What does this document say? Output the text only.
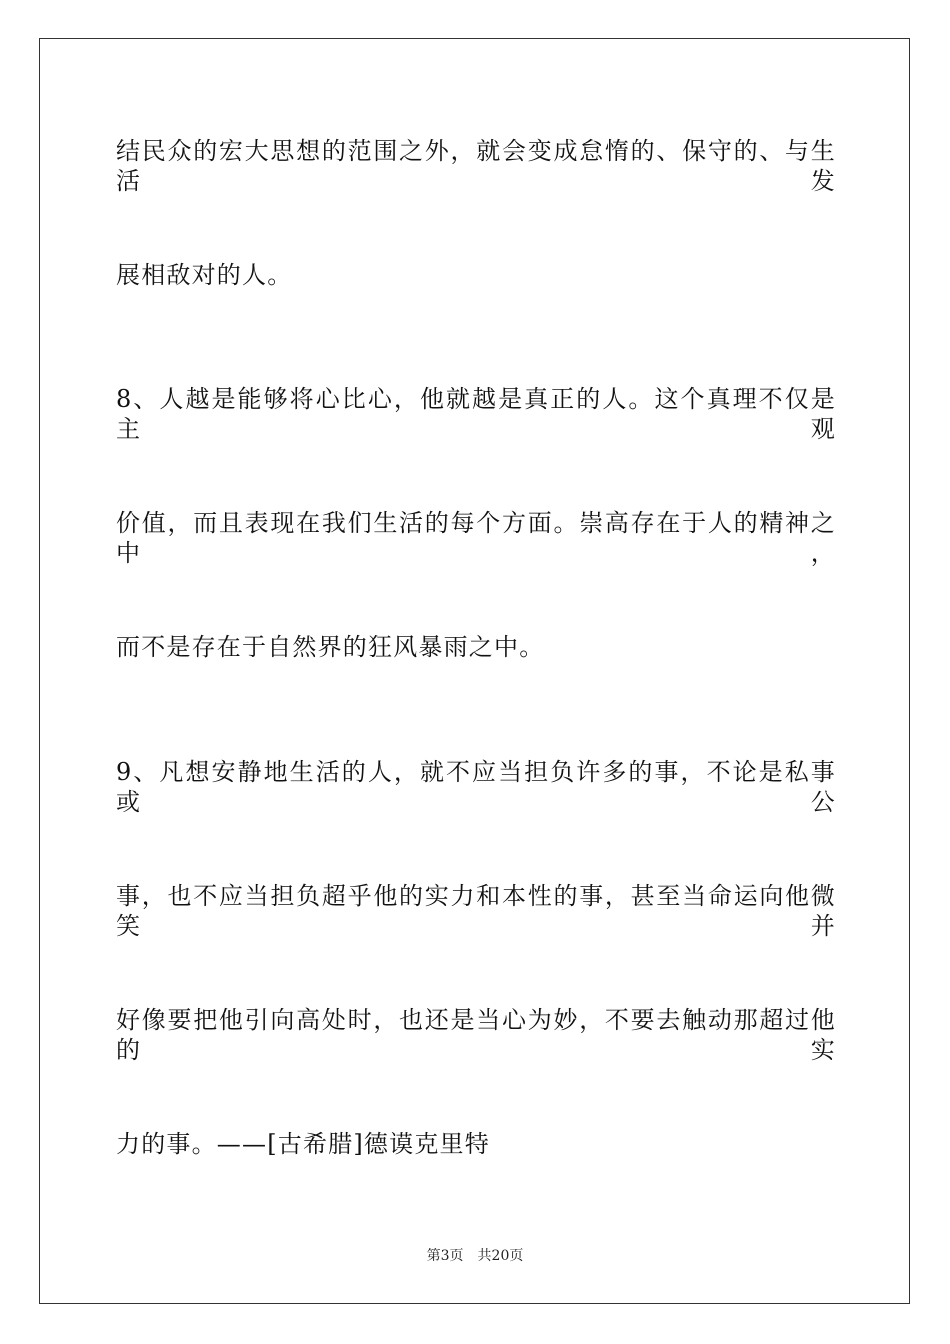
结民众的宏大思想的范围之外，就会变成怠惰的、保守的、与生活发
展相敌对的人。
8、人越是能够将心比心，他就越是真正的人。这个真理不仅是主观
价值，而且表现在我们生活的每个方面。崇高存在于人的精神之中，
而不是存在于自然界的狂风暴雨之中。
9、凡想安静地生活的人，就不应当担负许多的事，不论是私事或公
事，也不应当担负超乎他的实力和本性的事，甚至当命运向他微笑并
好像要把他引向高处时，也还是当心为妙，不要去触动那超过他的实
力的事。——[古希腊]德谟克里特
第3页 共20页
